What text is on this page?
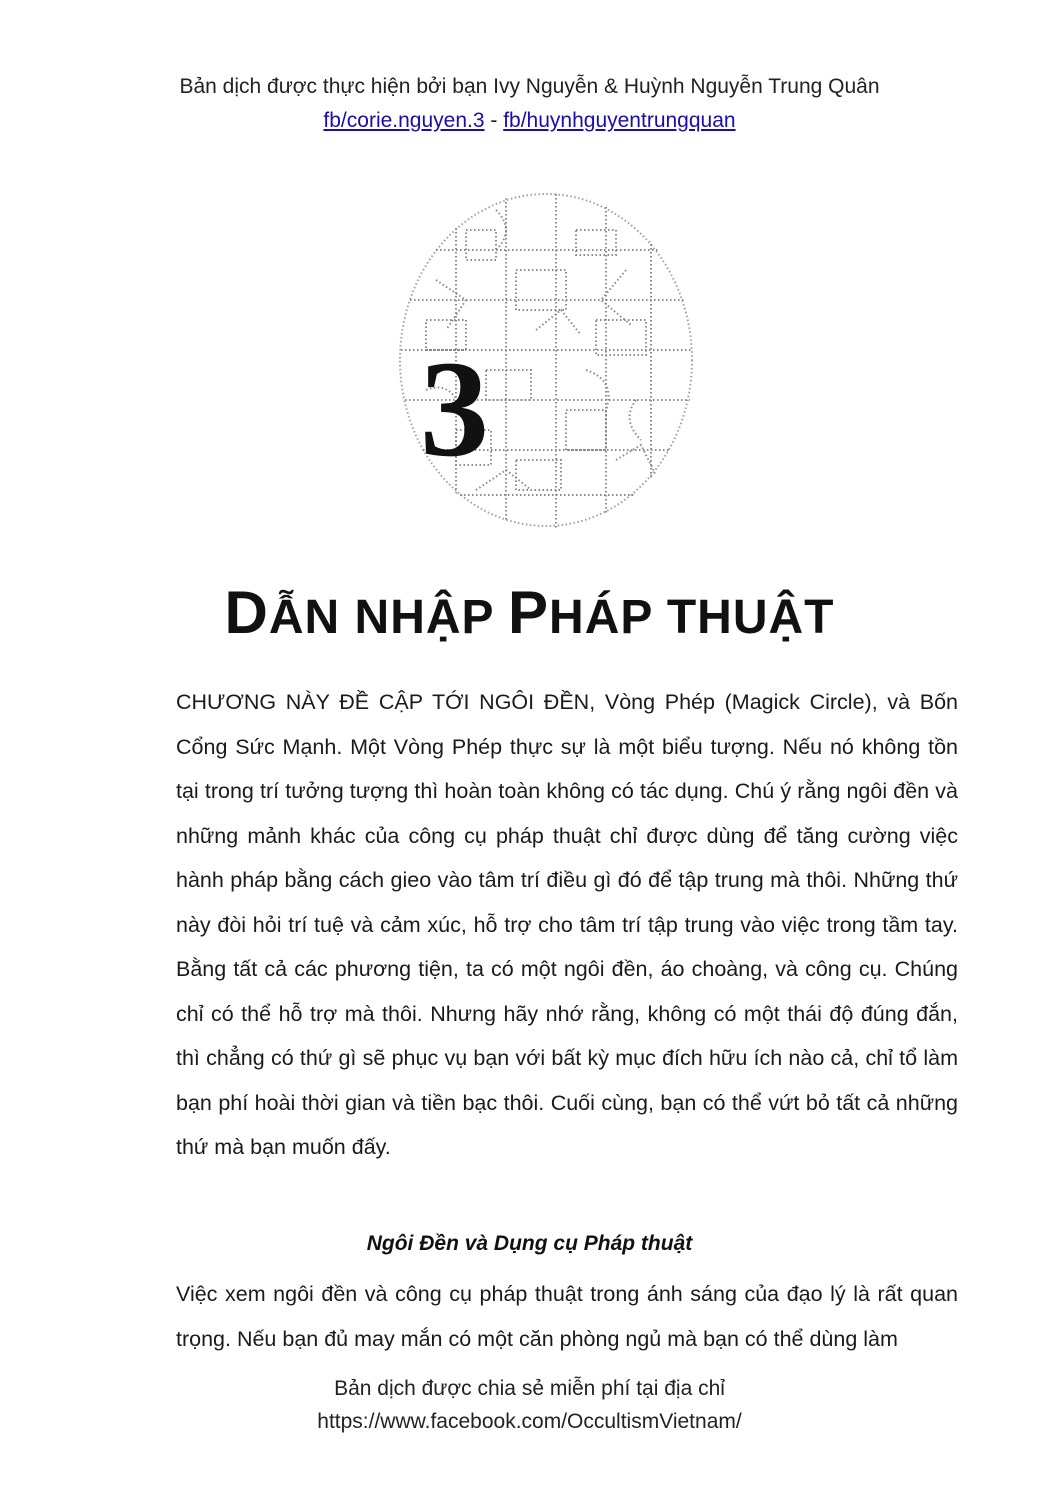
Bản dịch được thực hiện bởi bạn Ivy Nguyễn & Huỳnh Nguyễn Trung Quân
fb/corie.nguyen.3 - fb/huynhguyentrungquan
3
DẪN NHẬP PHÁP THUẬT
CHƯƠNG NÀY ĐỀ CẬP TỚI NGÔI ĐỀN, Vòng Phép (Magick Circle), và Bốn Cổng Sức Mạnh. Một Vòng Phép thực sự là một biểu tượng. Nếu nó không tồn tại trong trí tưởng tượng thì hoàn toàn không có tác dụng. Chú ý rằng ngôi đền và những mảnh khác của công cụ pháp thuật chỉ được dùng để tăng cường việc hành pháp bằng cách gieo vào tâm trí điều gì đó để tập trung mà thôi. Những thứ này đòi hỏi trí tuệ và cảm xúc, hỗ trợ cho tâm trí tập trung vào việc trong tầm tay. Bằng tất cả các phương tiện, ta có một ngôi đền, áo choàng, và công cụ. Chúng chỉ có thể hỗ trợ mà thôi. Nhưng hãy nhớ rằng, không có một thái độ đúng đắn, thì chẳng có thứ gì sẽ phục vụ bạn với bất kỳ mục đích hữu ích nào cả, chỉ tổ làm bạn phí hoài thời gian và tiền bạc thôi. Cuối cùng, bạn có thể vứt bỏ tất cả những thứ mà bạn muốn đấy.
Ngôi Đền và Dụng cụ Pháp thuật
Việc xem ngôi đền và công cụ pháp thuật trong ánh sáng của đạo lý là rất quan trọng. Nếu bạn đủ may mắn có một căn phòng ngủ mà bạn có thể dùng làm
Bản dịch được chia sẻ miễn phí tại địa chỉ
https://www.facebook.com/OccultismVietnam/
